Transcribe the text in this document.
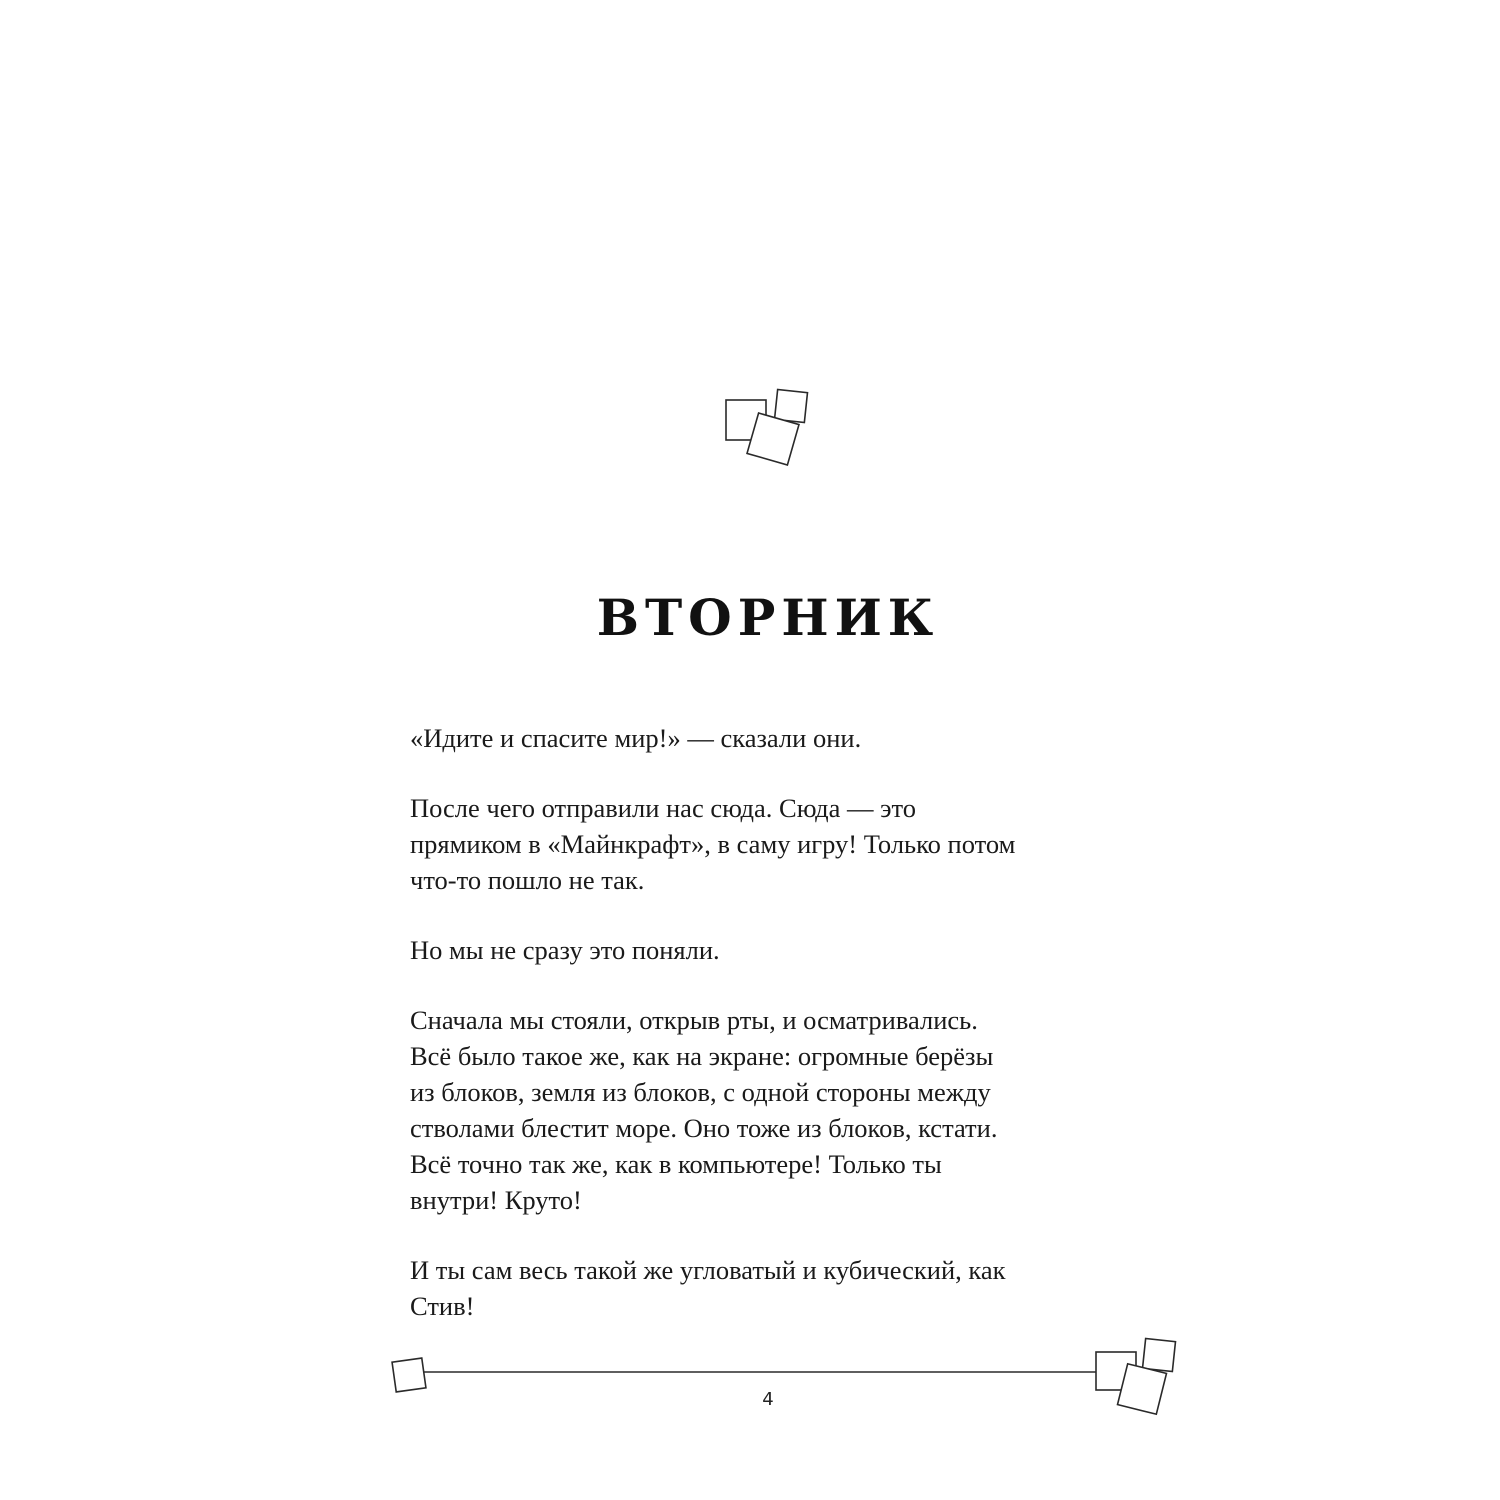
ВТОРНИК

«Идите и спасите мир!» — сказали они.

После чего отправили нас сюда. Сюда — это
прямиком в «Майнкрафт», в саму игру! Только потом
что-то пошло не так.

Но мы не сразу это поняли.

Сначала мы стояли, открыв рты, и осматривались.
Всё было такое же, как на экране: огромные берёзы
из блоков, земля из блоков, с одной стороны между
стволами блестит море. Оно тоже из блоков, кстати.
Всё точно так же, как в компьютере! Только ты
внутри! Круто!

И ты сам весь такой же угловатый и кубический, как
Стив!

4
